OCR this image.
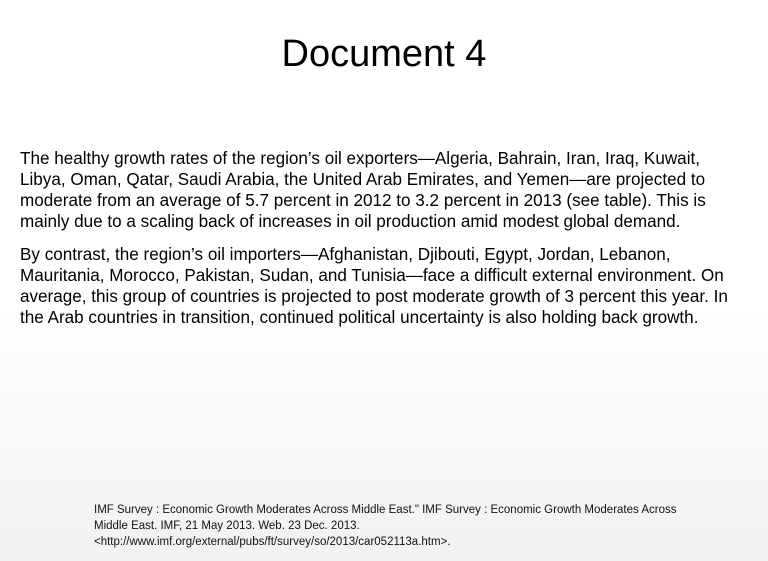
Document 4

The healthy growth rates of the region’s oil exporters—Algeria, Bahrain, Iran, Iraq, Kuwait, Libya, Oman, Qatar, Saudi Arabia, the United Arab Emirates, and Yemen—are projected to moderate from an average of 5.7 percent in 2012 to 3.2 percent in 2013 (see table). This is mainly due to a scaling back of increases in oil production amid modest global demand.

By contrast, the region’s oil importers—Afghanistan, Djibouti, Egypt, Jordan, Lebanon, Mauritania, Morocco, Pakistan, Sudan, and Tunisia—face a difficult external environment. On average, this group of countries is projected to post moderate growth of 3 percent this year. In the Arab countries in transition, continued political uncertainty is also holding back growth.

IMF Survey : Economic Growth Moderates Across Middle East." IMF Survey : Economic Growth Moderates Across Middle East. IMF, 21 May 2013. Web. 23 Dec. 2013. <http://www.imf.org/external/pubs/ft/survey/so/2013/car052113a.htm>.
